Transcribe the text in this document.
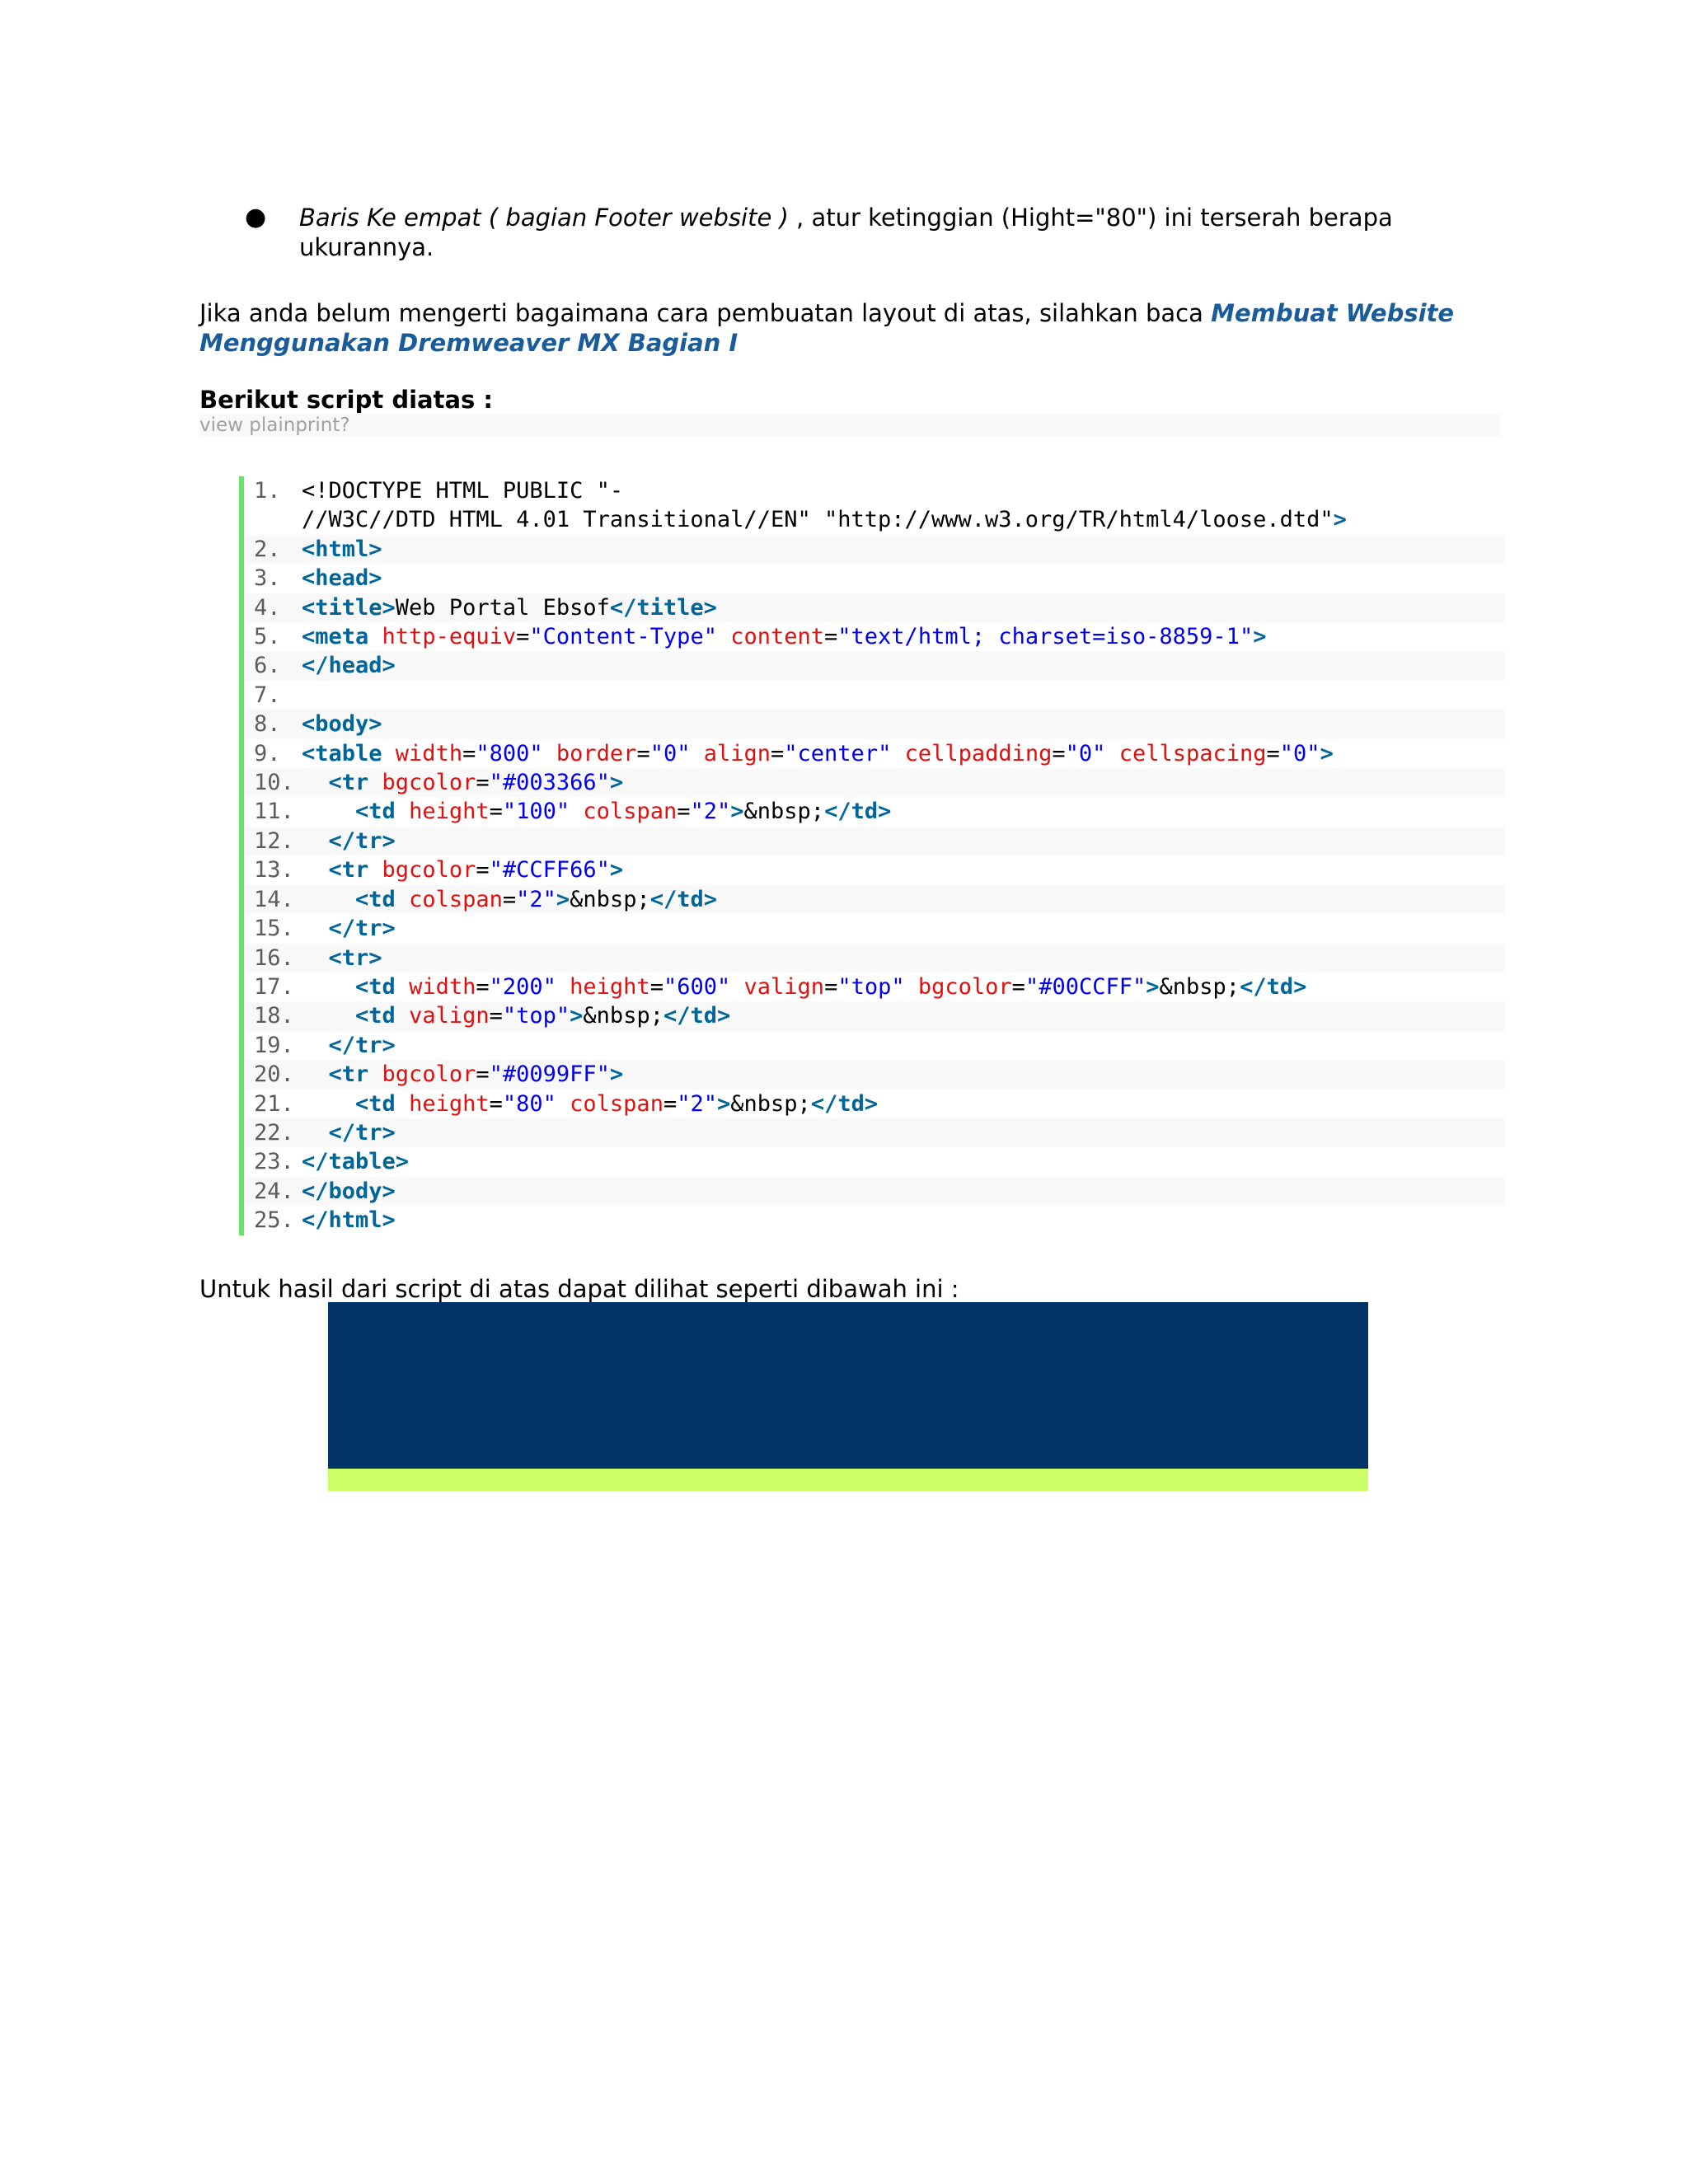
● Baris Ke empat ( bagian Footer website ) , atur ketinggian (Hight="80") ini terserah berapa ukurannya.
Jika anda belum mengerti bagaimana cara pembuatan layout di atas, silahkan baca Membuat Website Menggunakan Dremweaver MX Bagian I
Berikut script diatas :
view plainprint?
1. <!DOCTYPE HTML PUBLIC "-
//W3C//DTD HTML 4.01 Transitional//EN" "http://www.w3.org/TR/html4/loose.dtd">
2. <html>
3. <head>
4. <title>Web Portal Ebsof</title>
5. <meta http-equiv="Content-Type" content="text/html; charset=iso-8859-1">
6. </head>
7.

8. <body>
9. <table width="800" border="0" align="center" cellpadding="0" cellspacing="0">
10.	<tr bgcolor="#003366">
11.	<td height="100" colspan="2">&nbsp;</td>
12.	</tr>
13.	<tr bgcolor="#CCFF66">
14.	<td colspan="2">&nbsp;</td>
15.	</tr>
16.	<tr>
17.	<td width="200" height="600" valign="top" bgcolor="#00CCFF">&nbsp;</td>
18.	<td valign="top">&nbsp;</td>
19.	</tr>
20.	<tr bgcolor="#0099FF">
21.	<td height="80" colspan="2">&nbsp;</td>
22.	</tr>
23. </table>
24. </body>
25. </html>
Untuk hasil dari script di atas dapat dilihat seperti dibawah ini :
